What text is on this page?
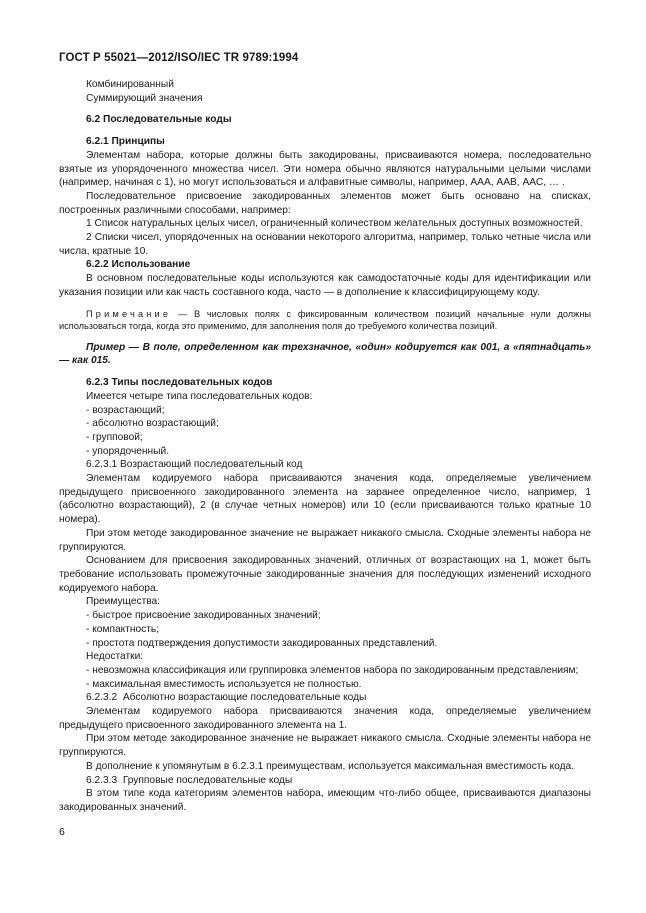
ГОСТ Р 55021—2012/ISO/IEC TR 9789:1994

Комбинированный

Суммирующий значения

6.2 Последовательные коды

6.2.1 Принципы

Элементам набора, которые должны быть закодированы, присваиваются номера, последовательно взятые из упорядоченного множества чисел. Эти номера обычно являются натуральными целыми числами (например, начиная с 1), но могут использоваться и алфавитные символы, например, ААА, ААВ, ААС, … .

Последовательное присвоение закодированных элементов может быть основано на списках, построенных различными способами, например:

1 Список натуральных целых чисел, ограниченный количеством желательных доступных возможностей.

2 Списки чисел, упорядоченных на основании некоторого алгоритма, например, только четные числа или числа, кратные 10.

6.2.2 Использование

В основном последовательные коды используются как самодостаточные коды для идентификации или указания позиции или как часть составного кода, часто — в дополнение к классифицирующему коду.

Примечание — В числовых полях с фиксированным количеством позиций начальные нули должны использоваться тогда, когда это применимо, для заполнения поля до требуемого количества позиций.

Пример — В поле, определенном как трехзначное, «один» кодируется как 001, а «пятнадцать» — как 015.

6.2.3 Типы последовательных кодов

Имеется четыре типа последовательных кодов:

- возрастающий;

- абсолютно возрастающий;

- групповой;

- упорядоченный.

6.2.3.1 Возрастающий последовательный код

Элементам кодируемого набора присваиваются значения кода, определяемые увеличением предыдущего присвоенного закодированного элемента на заранее определенное число, например, 1 (абсолютно возрастающий), 2 (в случае четных номеров) или 10 (если присваиваются только кратные 10 номера).

При этом методе закодированное значение не выражает никакого смысла. Сходные элементы набора не группируются.

Основанием для присвоения закодированных значений, отличных от возрастающих на 1, может быть требование использовать промежуточные закодированные значения для последующих изменений исходного кодируемого набора.

Преимущества:

- быстрое присвоение закодированных значений;

- компактность;

- простота подтверждения допустимости закодированных представлений.

Недостатки:

- невозможна классификация или группировка элементов набора по закодированным представлениям;

- максимальная вместимость используется не полностью.

6.2.3.2  Абсолютно возрастающие последовательные коды

Элементам кодируемого набора присваиваются значения кода, определяемые увеличением предыдущего присвоенного закодированного элемента на 1.

При этом методе закодированное значение не выражает никакого смысла. Сходные элементы набора не группируются.

В дополнение к упомянутым в 6.2.3.1 преимуществам, используется максимальная вместимость кода.

6.2.3.3  Групповые последовательные коды

В этом типе кода категориям элементов набора, имеющим что-либо общее, присваиваются диапазоны закодированных значений.

6
